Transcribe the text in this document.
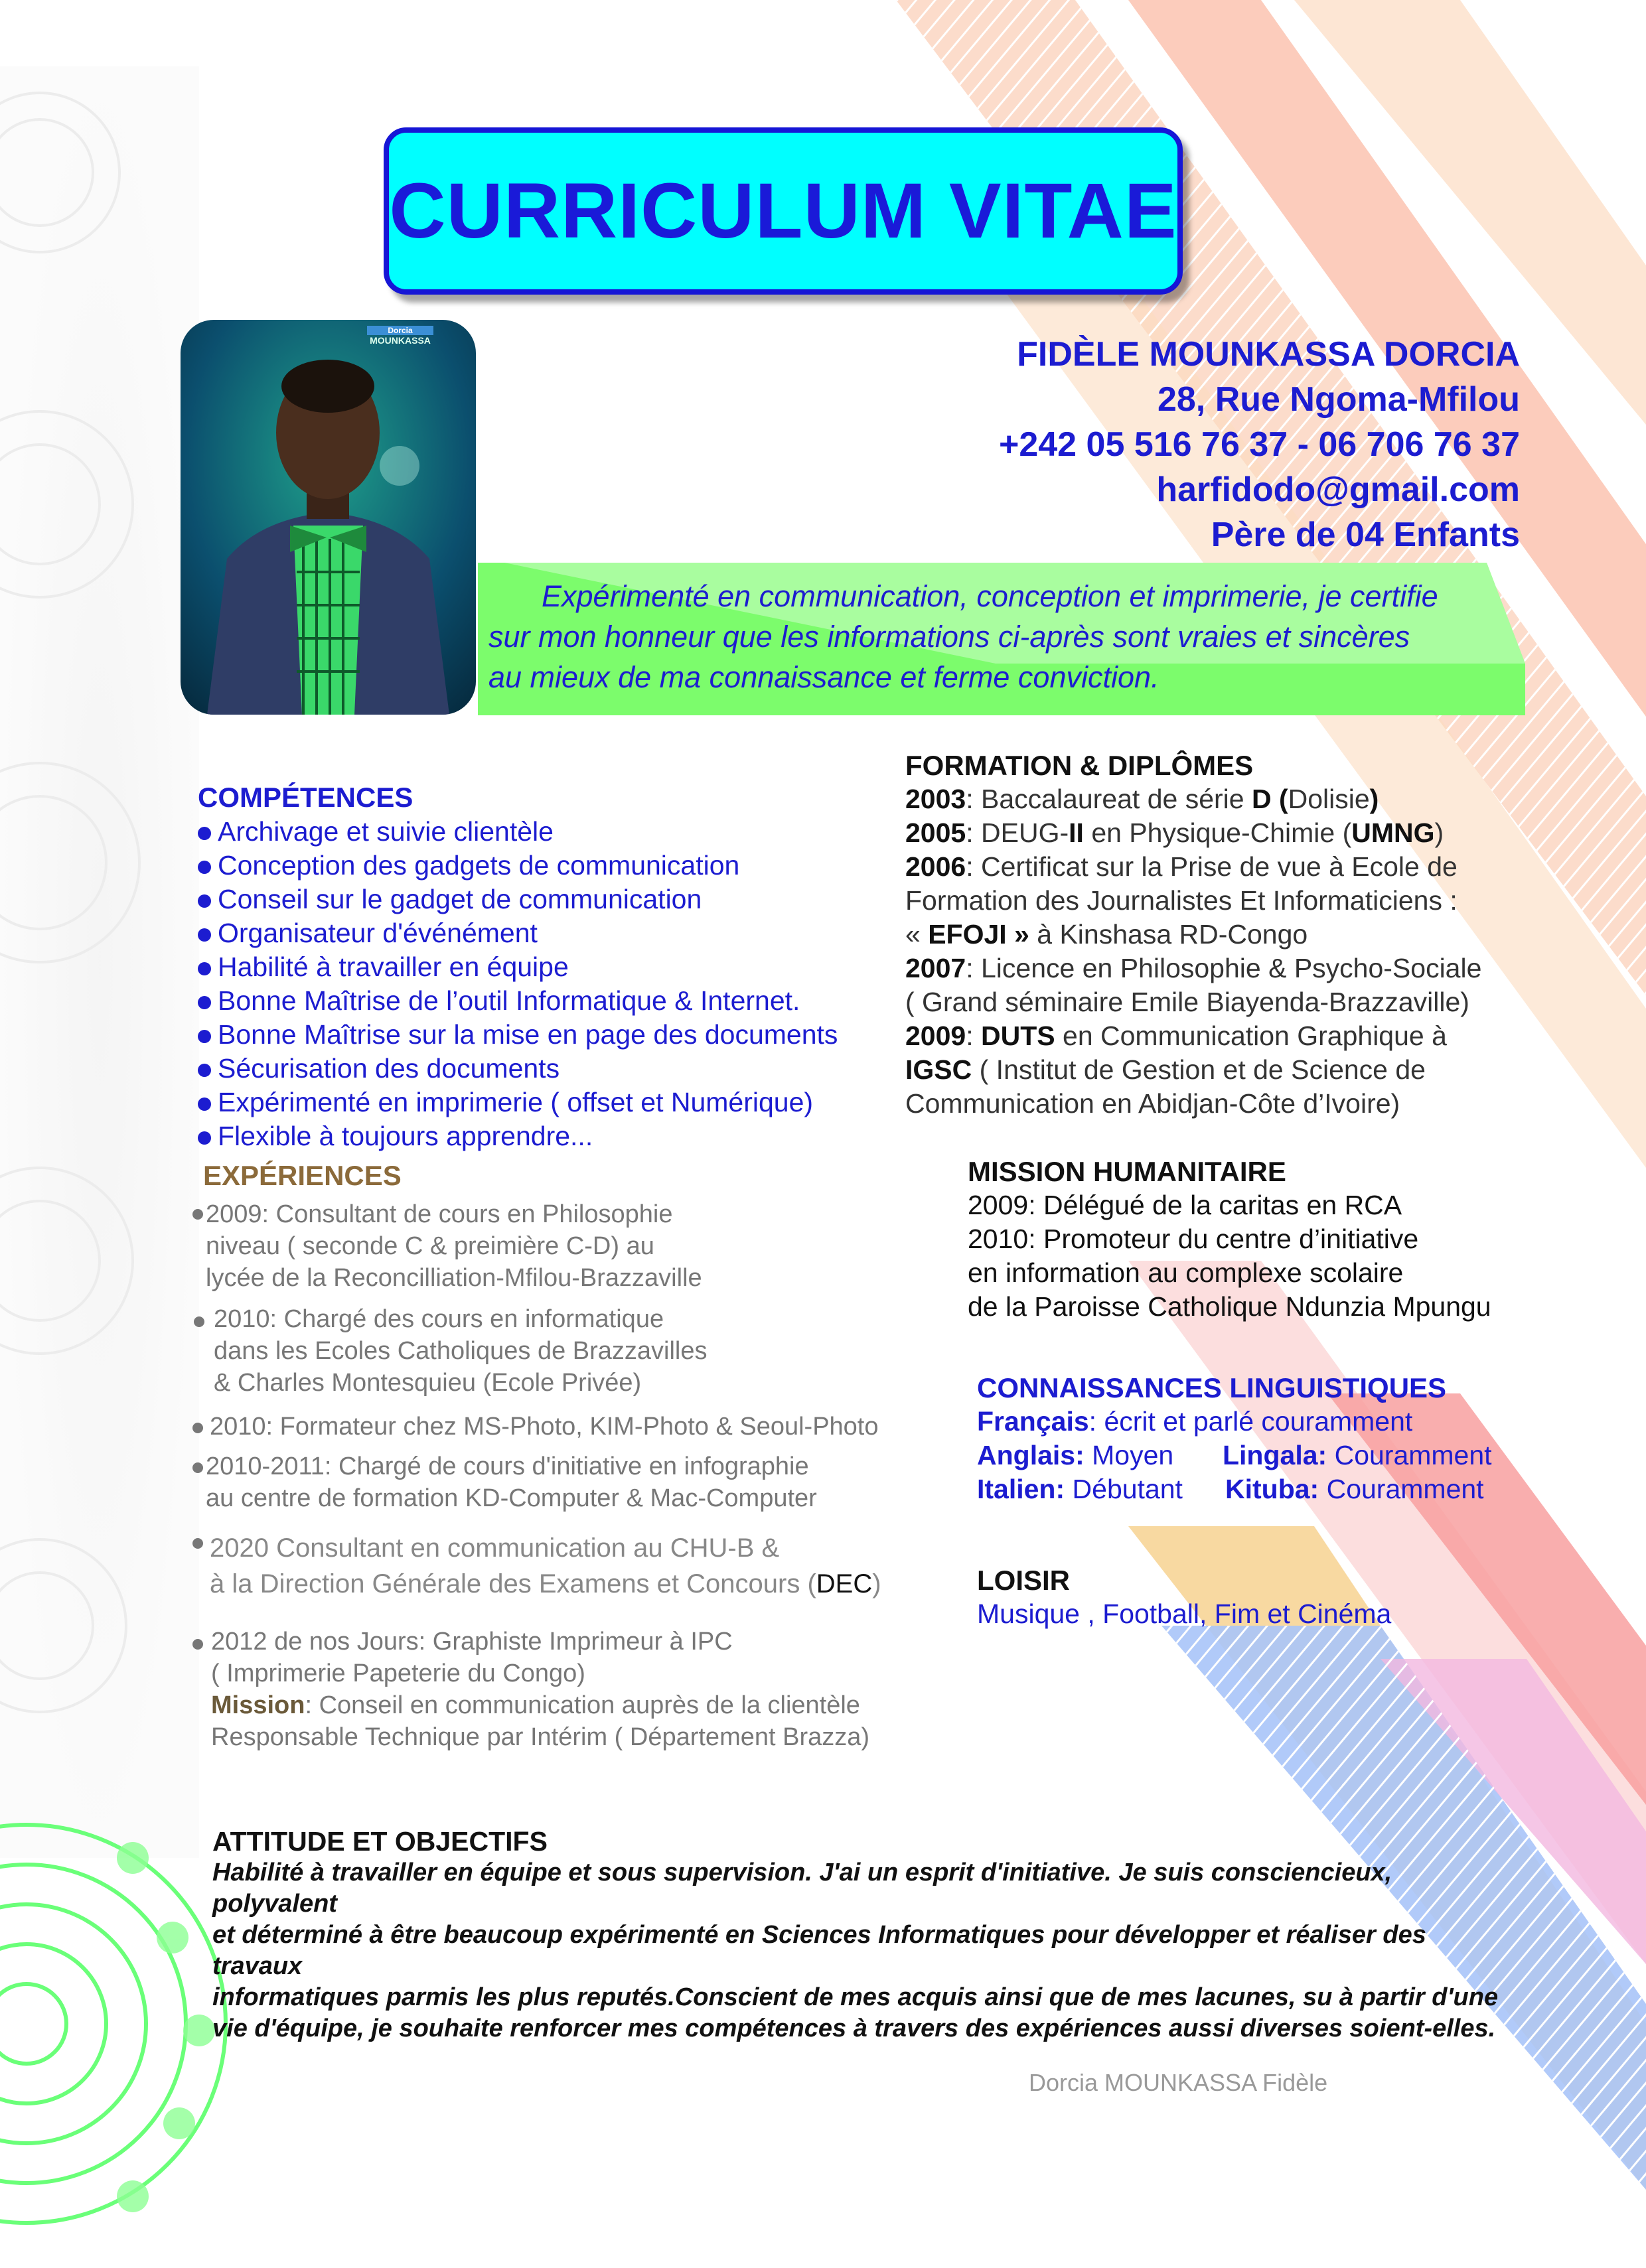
CURRICULUM VITAE
Dorcia
MOUNKASSA	FIDÈLE MOUNKASSA DORCIA
28, Rue Ngoma-Mfilou
+242 05 516 76 37 - 06 706 76 37
harfidodo@gmail.com
Père de 04 Enfants
Expérimenté en communication, conception et imprimerie, je certifie
sur mon honneur que les informations ci-après sont vraies et sincères
au mieux de ma connaissance et ferme conviction.
COMPÉTENCES
Archivage et suivie clientèle
Conception des gadgets de communication
Conseil sur le gadget de communication
Organisateur d'événément
Habilité à travailler en équipe
Bonne Maîtrise de l’outil Informatique & Internet.
Bonne Maîtrise sur la mise en page des documents
Sécurisation des documents
Expérimenté en imprimerie ( offset et Numérique)
Flexible à toujours apprendre...
EXPÉRIENCES
2009: Consultant de cours en Philosophie
niveau ( seconde C & preimière C-D) au
lycée de la Reconcilliation-Mfilou-Brazzaville
2010: Chargé des cours en informatique
dans les Ecoles Catholiques de Brazzavilles
& Charles Montesquieu (Ecole Privée)
2010: Formateur chez MS-Photo, KIM-Photo & Seoul-Photo
2010-2011: Chargé de cours d'initiative en infographie
au centre de formation KD-Computer & Mac-Computer
2020 Consultant en communication au CHU-B &
à la Direction Générale des Examens et Concours (DEC)
2012 de nos Jours: Graphiste Imprimeur à IPC
( Imprimerie Papeterie du Congo)
Mission: Conseil en communication auprès de la clientèle
Responsable Technique par Intérim ( Département Brazza)
FORMATION & DIPLÔMES
2003: Baccalaureat de série D (Dolisie)
2005: DEUG-II en Physique-Chimie (UMNG)
2006: Certificat sur la Prise de vue à Ecole de
Formation des Journalistes Et Informaticiens :
« EFOJI » à Kinshasa RD-Congo
2007: Licence en Philosophie & Psycho-Sociale
( Grand séminaire Emile Biayenda-Brazzaville)
2009: DUTS en Communication Graphique à
IGSC ( Institut de Gestion et de Science de
Communication en Abidjan-Côte d’Ivoire)
MISSION HUMANITAIRE
2009: Délégué de la caritas en RCA
2010: Promoteur du centre d’initiative
en information au complexe scolaire
de la Paroisse Catholique Ndunzia Mpungu
CONNAISSANCES LINGUISTIQUES
Français: écrit et parlé couramment
Anglais: Moyen	Lingala: Couramment
Italien: Débutant	Kituba: Couramment
LOISIR
Musique , Football, Fim et Cinéma
ATTITUDE ET OBJECTIFS
Habilité à travailler en équipe et sous supervision. J'ai un esprit d'initiative. Je suis consciencieux, polyvalent
et déterminé à être beaucoup expérimenté en Sciences Informatiques pour développer et réaliser des travaux
informatiques parmis les plus reputés.Conscient de mes acquis ainsi que de mes lacunes, su à partir d'une
vie d'équipe, je souhaite renforcer mes compétences à travers des expériences aussi diverses soient-elles.
Dorcia MOUNKASSA Fidèle
